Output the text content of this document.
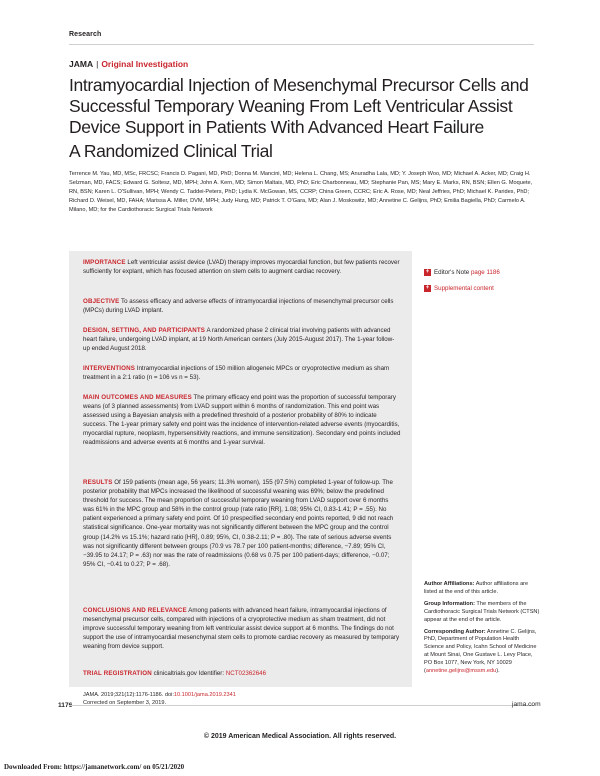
Research
JAMA | Original Investigation
Intramyocardial Injection of Mesenchymal Precursor Cells and Successful Temporary Weaning From Left Ventricular Assist Device Support in Patients With Advanced Heart Failure
A Randomized Clinical Trial
Terrence M. Yau, MD, MSc, FRCSC; Francis D. Pagani, MD, PhD; Donna M. Mancini, MD; Helena L. Chang, MS; Anuradha Lala, MD; Y. Joseph Woo, MD; Michael A. Acker, MD; Craig H. Selzman, MD, FACS; Edward G. Soltesz, MD, MPH; John A. Kern, MD; Simon Maltais, MD, PhD; Eric Charbonneau, MD; Stephanie Pan, MS; Mary E. Marks, RN, BSN; Ellen G. Moquete, RN, BSN; Karen L. O'Sullivan, MPH; Wendy C. Taddei-Peters, PhD; Lydia K. McGowan, MS, CCRP; China Green, CCRC; Eric A. Rose, MD; Neal Jeffries, PhD; Michael K. Parides, PhD; Richard D. Weisel, MD, FAHA; Marissa A. Miller, DVM, MPH; Judy Hung, MD; Patrick T. O'Gara, MD; Alan J. Moskowitz, MD; Annetine C. Gelijns, PhD; Emilia Bagiella, PhD; Carmelo A. Milano, MD; for the Cardiothoracic Surgical Trials Network
IMPORTANCE Left ventricular assist device (LVAD) therapy improves myocardial function, but few patients recover sufficiently for explant, which has focused attention on stem cells to augment cardiac recovery.
OBJECTIVE To assess efficacy and adverse effects of intramyocardial injections of mesenchymal precursor cells (MPCs) during LVAD implant.
DESIGN, SETTING, AND PARTICIPANTS A randomized phase 2 clinical trial involving patients with advanced heart failure, undergoing LVAD implant, at 19 North American centers (July 2015-August 2017). The 1-year follow-up ended August 2018.
INTERVENTIONS Intramyocardial injections of 150 million allogeneic MPCs or cryoprotective medium as sham treatment in a 2:1 ratio (n = 106 vs n = 53).
MAIN OUTCOMES AND MEASURES The primary efficacy end point was the proportion of successful temporary weans (of 3 planned assessments) from LVAD support within 6 months of randomization. This end point was assessed using a Bayesian analysis with a predefined threshold of a posterior probability of 80% to indicate success. The 1-year primary safety end point was the incidence of intervention-related adverse events (myocarditis, myocardial rupture, neoplasm, hypersensitivity reactions, and immune sensitization). Secondary end points included readmissions and adverse events at 6 months and 1-year survival.
RESULTS Of 159 patients (mean age, 56 years; 11.3% women), 155 (97.5%) completed 1-year of follow-up. The posterior probability that MPCs increased the likelihood of successful weaning was 69%; below the predefined threshold for success. The mean proportion of successful temporary weaning from LVAD support over 6 months was 61% in the MPC group and 58% in the control group (rate ratio [RR], 1.08; 95% CI, 0.83-1.41; P = .55). No patient experienced a primary safety end point. Of 10 prespecified secondary end points reported, 9 did not reach statistical significance. One-year mortality was not significantly different between the MPC group and the control group (14.2% vs 15.1%; hazard ratio [HR], 0.89; 95%, CI, 0.38-2.11; P = .80). The rate of serious adverse events was not significantly different between groups (70.9 vs 78.7 per 100 patient-months; difference, −7.89; 95% CI, −39.95 to 24.17; P = .63) nor was the rate of readmissions (0.68 vs 0.75 per 100 patient-days; difference, −0.07; 95% CI, −0.41 to 0.27; P = .68).
CONCLUSIONS AND RELEVANCE Among patients with advanced heart failure, intramyocardial injections of mesenchymal precursor cells, compared with injections of a cryoprotective medium as sham treatment, did not improve successful temporary weaning from left ventricular assist device support at 6 months. The findings do not support the use of intramyocardial mesenchymal stem cells to promote cardiac recovery as measured by temporary weaning from device support.
TRIAL REGISTRATION clinicaltrials.gov Identifier: NCT02362646
JAMA. 2019;321(12):1176-1186. doi:10.1001/jama.2019.2341
Corrected on September 3, 2019.
+ Editor's Note page 1186
+ Supplemental content
Author Affiliations: Author affiliations are listed at the end of this article.
Group Information: The members of the Cardiothoracic Surgical Trials Network (CTSN) appear at the end of the article.
Corresponding Author: Annetine C. Gelijns, PhD, Department of Population Health Science and Policy, Icahn School of Medicine at Mount Sinai, One Gustave L. Levy Place, PO Box 1077, New York, NY 10029 (annetine.gelijns@mssm.edu).
1176	jama.com
© 2019 American Medical Association. All rights reserved.
Downloaded From: https://jamanetwork.com/ on 05/21/2020
